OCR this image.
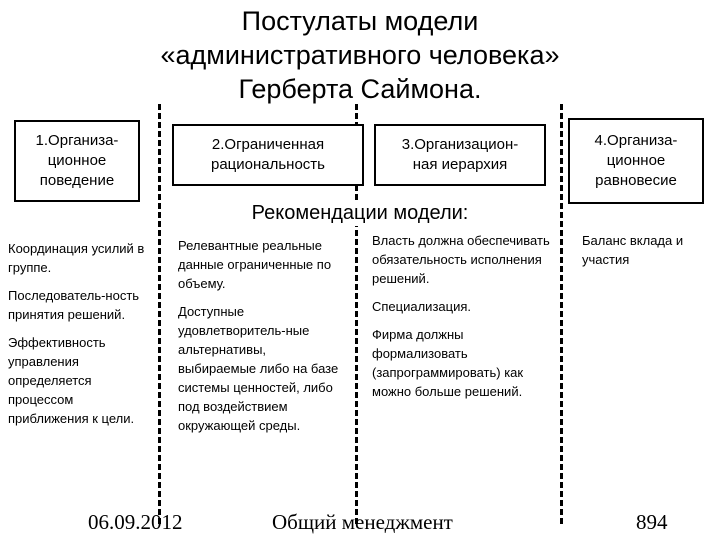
Постулаты модели
«административного человека»
Герберта Саймона.
1.Организа-
ционное
поведение
2.Ограниченная
рациональность
3.Организацион-
ная иерархия
4.Организа-
ционное
равновесие
Рекомендации модели:

Координация усилий в группе.

Последователь-ность принятия решений.

Эффективность управления определяется процессом приближения к цели.

Релевантные реальные данные ограниченные по объему.

Доступные удовлетворитель-ные альтернативы, выбираемые либо на базе системы ценностей, либо под воздействием окружающей среды.

Власть должна обеспечивать обязательность исполнения решений.

Специализация.

Фирма должны формализовать (запрограммировать) как можно больше решений.

Баланс вклада и участия

06.09.2012	Общий менеджмент	894
